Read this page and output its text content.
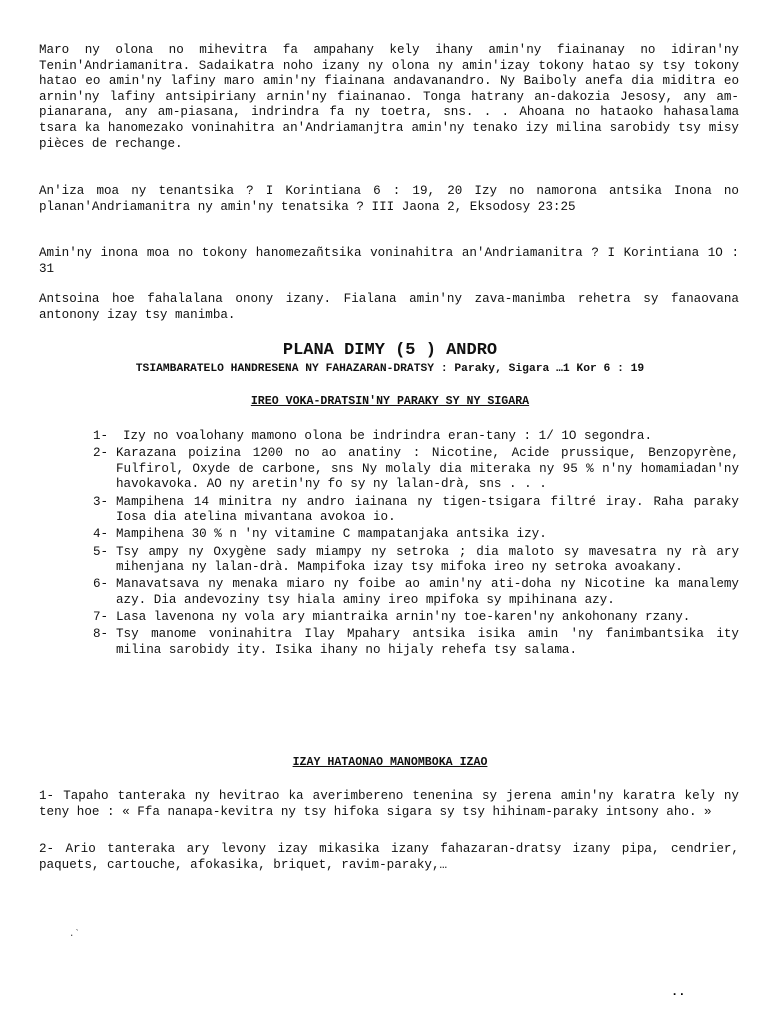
Maro ny olona no mihevitra fa ampahany kely ihany amin'ny fiainanay no idiran'ny Tenin'Andriamanitra. Sadaikatra noho izany ny olona ny amin'izay tokony hatao sy tsy tokony hatao eo amin'ny lafiny maro amin'ny fiainana andavanandro. Ny Baiboly anefa dia miditra eo arnin'ny lafiny antsipiriany arnin'ny fiainanao. Tonga hatrany an-dakozia Jesosy, any am-pianarana, any am-piasana, indrindra fa ny toetra, sns. . . Ahoana no hataoko hahasalama tsara ka hanomezako voninahitra an'Andriamanjtra amin'ny tenako izy milina sarobidy tsy misy pièces de rechange.

An'iza moa ny tenantsika ? I Korintiana 6 : 19, 20 Izy no namorona antsika Inona no planan'Andriamanitra ny amin'ny tenatsika ? III Jaona 2, Eksodosy 23:25

Amin'ny inona moa no tokony hanomezañtsika voninahitra an'Andriamanitra ? I Korintiana 1O : 31

Antsoina hoe fahalalana onony izany. Fialana amin'ny zava-manimba rehetra sy fanaovana antonony izay tsy manimba.

PLANA DIMY (5 ) ANDRO
TSIAMBARATELO HANDRESENA NY FAHAZARAN-DRATSY : Paraky, Sigara …1 Kor 6 : 19
IREO VOKA-DRATSIN'NY PARAKY SY NY SIGARA
1-	Izy no voalohany mamono olona be indrindra eran-tany : 1/ 1O segondra.
2- Karazana poizina 1200 no ao anatiny : Nicotine, Acide prussique, Benzopyrène, Fulfirol, Oxyde de carbone, sns Ny molaly dia miteraka ny 95 % n'ny homamiadan'ny havokavoka. AO ny aretin'ny fo sy ny lalan-drà, sns . . .
3- Mampihena 14 minitra ny andro iainana ny tigen-tsigara filtré iray. Raha paraky Iosa dia atelina mivantana avokoa io.
4- Mampihena 30 % n 'ny vitamine C mampatanjaka antsika izy.
5- Tsy ampy ny Oxygène sady miampy ny setroka ; dia maloto sy mavesatra ny rà ary mihenjana ny lalan-drà. Mampifoka izay tsy mifoka ireo ny setroka avoakany.
6- Manavatsava ny menaka miaro ny foibe ao amin'ny ati-doha ny Nicotine ka manalemy azy. Dia andevoziny tsy hiala aminy ireo mpifoka sy mpihinana azy.
7- Lasa lavenona ny vola ary miantraika arnin'ny toe-karen'ny ankohonany rzany.
8- Tsy manome voninahitra Ilay Mpahary antsika isika amin 'ny fanimbantsika ity milina sarobidy ity. Isika ihany no hijaly rehefa tsy salama.
IZAY HATAONAO MANOMBOKA IZAO

1- Tapaho tanteraka ny hevitrao ka averimbereno tenenina sy jerena amin'ny karatra kely ny teny hoe : « Ffa nanapa-kevitra ny tsy hifoka sigara sy tsy hihinam-paraky intsony aho. »

2- Ario tanteraka ary levony izay mikasika izany fahazaran-dratsy izany pipa, cendrier, paquets, cartouche, afokasika, briquet, ravim-paraky,…

.`
..
